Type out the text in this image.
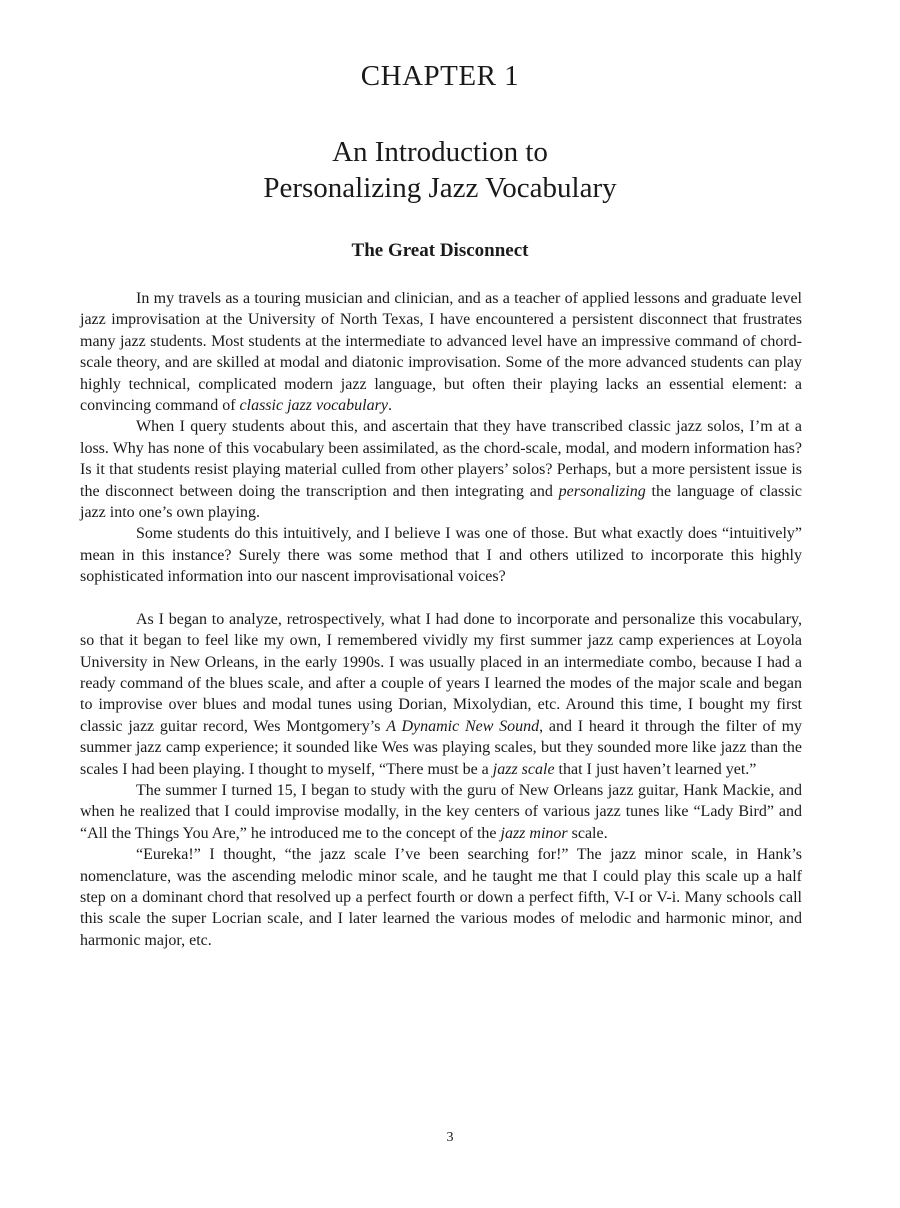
CHAPTER 1
An Introduction to
Personalizing Jazz Vocabulary
The Great Disconnect

In my travels as a touring musician and clinician, and as a teacher of applied lessons and graduate level jazz improvisation at the University of North Texas, I have encountered a persistent disconnect that frustrates many jazz students. Most students at the intermediate to advanced level have an impressive command of chord-scale theory, and are skilled at modal and diatonic improvisation. Some of the more advanced students can play highly technical, complicated modern jazz language, but often their playing lacks an essential element: a convincing command of classic jazz vocabulary.

When I query students about this, and ascertain that they have transcribed classic jazz solos, I’m at a loss. Why has none of this vocabulary been assimilated, as the chord-scale, modal, and modern information has? Is it that students resist playing material culled from other players’ solos? Perhaps, but a more persistent issue is the disconnect between doing the transcription and then integrating and personalizing the language of classic jazz into one’s own playing.

Some students do this intuitively, and I believe I was one of those. But what exactly does “intuitively” mean in this instance? Surely there was some method that I and others utilized to incorporate this highly sophisticated information into our nascent improvisational voices?

As I began to analyze, retrospectively, what I had done to incorporate and personalize this vocabulary, so that it began to feel like my own, I remembered vividly my first summer jazz camp experiences at Loyola University in New Orleans, in the early 1990s. I was usually placed in an intermediate combo, because I had a ready command of the blues scale, and after a couple of years I learned the modes of the major scale and began to improvise over blues and modal tunes using Dorian, Mixolydian, etc. Around this time, I bought my first classic jazz guitar record, Wes Montgomery’s A Dynamic New Sound, and I heard it through the filter of my summer jazz camp experience; it sounded like Wes was playing scales, but they sounded more like jazz than the scales I had been playing. I thought to myself, “There must be a jazz scale that I just haven’t learned yet.”

The summer I turned 15, I began to study with the guru of New Orleans jazz guitar, Hank Mackie, and when he realized that I could improvise modally, in the key centers of various jazz tunes like “Lady Bird” and “All the Things You Are,” he introduced me to the concept of the jazz minor scale.

“Eureka!” I thought, “the jazz scale I’ve been searching for!” The jazz minor scale, in Hank’s nomenclature, was the ascending melodic minor scale, and he taught me that I could play this scale up a half step on a dominant chord that resolved up a perfect fourth or down a perfect fifth, V-I or V-i. Many schools call this scale the super Locrian scale, and I later learned the various modes of melodic and harmonic minor, and harmonic major, etc.

3
